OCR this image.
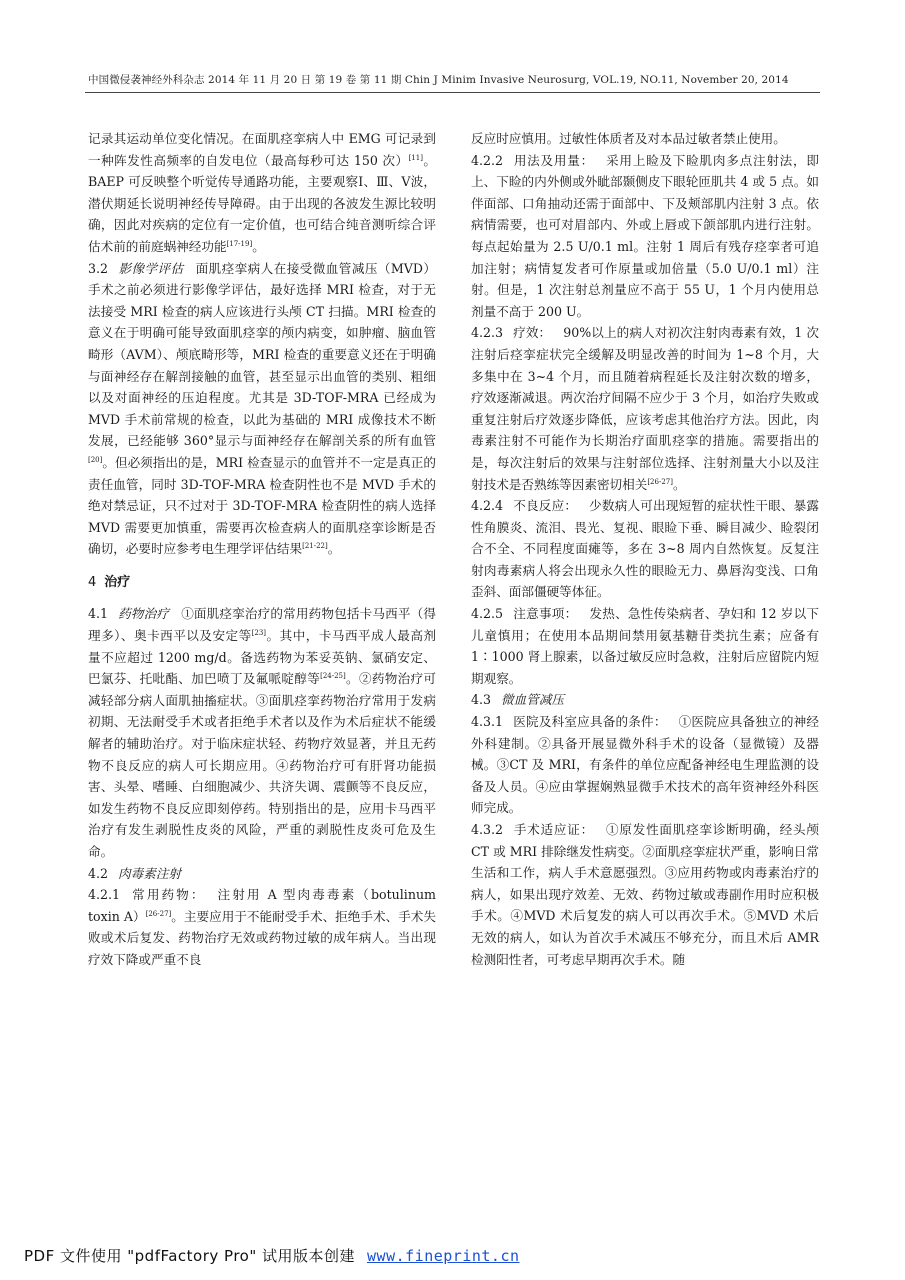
中国微侵袭神经外科杂志 2014 年 11 月 20 日 第 19 卷 第 11 期 Chin J Minim Invasive Neurosurg, VOL.19, NO.11, November 20, 2014

记录其运动单位变化情况。在面肌痉挛病人中 EMG 可记录到一种阵发性高频率的自发电位（最高每秒可达 150 次）[11]。BAEP 可反映整个听觉传导通路功能，主要观察Ⅰ、Ⅲ、Ⅴ波，潜伏期延长说明神经传导障碍。由于出现的各波发生源比较明确，因此对疾病的定位有一定价值，也可结合纯音测听综合评估术前的前庭蜗神经功能[17-19]。

3.2 影像学评估 面肌痉挛病人在接受微血管减压（MVD）手术之前必须进行影像学评估，最好选择 MRI 检查，对于无法接受 MRI 检查的病人应该进行头颅 CT 扫描。MRI 检查的意义在于明确可能导致面肌痉挛的颅内病变，如肿瘤、脑血管畸形（AVM）、颅底畸形等，MRI 检查的重要意义还在于明确与面神经存在解剖接触的血管，甚至显示出血管的类别、粗细以及对面神经的压迫程度。尤其是 3D-TOF-MRA 已经成为 MVD 手术前常规的检查，以此为基础的 MRI 成像技术不断发展，已经能够 360°显示与面神经存在解剖关系的所有血管[20]。但必须指出的是，MRI 检查显示的血管并不一定是真正的责任血管，同时 3D-TOF-MRA 检查阴性也不是 MVD 手术的绝对禁忌证，只不过对于 3D-TOF-MRA 检查阴性的病人选择 MVD 需要更加慎重，需要再次检查病人的面肌痉挛诊断是否确切，必要时应参考电生理学评估结果[21-22]。

4 治疗

4.1 药物治疗 ①面肌痉挛治疗的常用药物包括卡马西平（得理多）、奥卡西平以及安定等[23]。其中，卡马西平成人最高剂量不应超过 1200 mg/d。备选药物为苯妥英钠、氯硝安定、巴氯芬、托吡酯、加巴喷丁及氟哌啶醇等[24-25]。②药物治疗可减轻部分病人面肌抽搐症状。③面肌痉挛药物治疗常用于发病初期、无法耐受手术或者拒绝手术者以及作为术后症状不能缓解者的辅助治疗。对于临床症状轻、药物疗效显著，并且无药物不良反应的病人可长期应用。④药物治疗可有肝肾功能损害、头晕、嗜睡、白细胞减少、共济失调、震颤等不良反应，如发生药物不良反应即刻停药。特别指出的是，应用卡马西平治疗有发生剥脱性皮炎的风险，严重的剥脱性皮炎可危及生命。

4.2 肉毒素注射

4.2.1 常用药物： 注射用 A 型肉毒毒素（botulinum toxin A）[26-27]。主要应用于不能耐受手术、拒绝手术、手术失败或术后复发、药物治疗无效或药物过敏的成年病人。当出现疗效下降或严重不良

反应时应慎用。过敏性体质者及对本品过敏者禁止使用。

4.2.2 用法及用量： 采用上睑及下睑肌肉多点注射法，即上、下睑的内外侧或外眦部颞侧皮下眼轮匝肌共 4 或 5 点。如伴面部、口角抽动还需于面部中、下及颊部肌内注射 3 点。依病情需要，也可对眉部内、外或上唇或下颌部肌内进行注射。每点起始量为 2.5 U/0.1 ml。注射 1 周后有残存痉挛者可追加注射；病情复发者可作原量或加倍量（5.0 U/0.1 ml）注射。但是，1 次注射总剂量应不高于 55 U，1 个月内使用总剂量不高于 200 U。

4.2.3 疗效： 90%以上的病人对初次注射肉毒素有效，1 次注射后痉挛症状完全缓解及明显改善的时间为 1~8 个月，大多集中在 3~4 个月，而且随着病程延长及注射次数的增多，疗效逐渐减退。两次治疗间隔不应少于 3 个月，如治疗失败或重复注射后疗效逐步降低，应该考虑其他治疗方法。因此，肉毒素注射不可能作为长期治疗面肌痉挛的措施。需要指出的是，每次注射后的效果与注射部位选择、注射剂量大小以及注射技术是否熟练等因素密切相关[26-27]。

4.2.4 不良反应： 少数病人可出现短暂的症状性干眼、暴露性角膜炎、流泪、畏光、复视、眼睑下垂、瞬目减少、睑裂闭合不全、不同程度面瘫等，多在 3~8 周内自然恢复。反复注射肉毒素病人将会出现永久性的眼睑无力、鼻唇沟变浅、口角歪斜、面部僵硬等体征。

4.2.5 注意事项： 发热、急性传染病者、孕妇和 12 岁以下儿童慎用；在使用本品期间禁用氨基糖苷类抗生素；应备有 1∶1000 肾上腺素，以备过敏反应时急救，注射后应留院内短期观察。

4.3 微血管减压

4.3.1 医院及科室应具备的条件： ①医院应具备独立的神经外科建制。②具备开展显微外科手术的设备（显微镜）及器械。③CT 及 MRI，有条件的单位应配备神经电生理监测的设备及人员。④应由掌握娴熟显微手术技术的高年资神经外科医师完成。

4.3.2 手术适应证： ①原发性面肌痉挛诊断明确，经头颅 CT 或 MRI 排除继发性病变。②面肌痉挛症状严重，影响日常生活和工作，病人手术意愿强烈。③应用药物或肉毒素治疗的病人，如果出现疗效差、无效、药物过敏或毒副作用时应积极手术。④MVD 术后复发的病人可以再次手术。⑤MVD 术后无效的病人，如认为首次手术减压不够充分，而且术后 AMR 检测阳性者，可考虑早期再次手术。随

PDF 文件使用 "pdfFactory Pro" 试用版本创建 www.fineprint.cn
